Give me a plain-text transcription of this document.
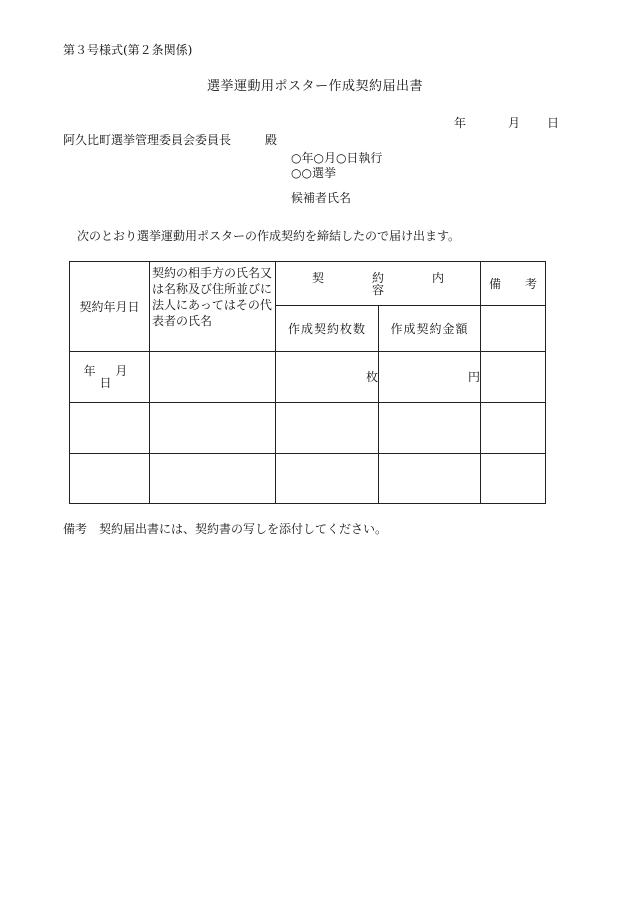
第３号様式(第２条関係)
選挙運動用ポスター作成契約届出書
年	月 日
阿久比町選挙管理委員会委員長	殿
○年○月○日執行
○○選挙
候補者氏名
次のとおり選挙運動用ポスターの作成契約を締結したので届け出ます。
契約年月日	契約の相手方の氏名又は名称及び住所並びに法人にあってはその代表者の氏名	契　約　内　容		備　　考
		作成契約枚数	作成契約金額	
年 月 日		枚	円	

備考　契約届出書には、契約書の写しを添付してください。
